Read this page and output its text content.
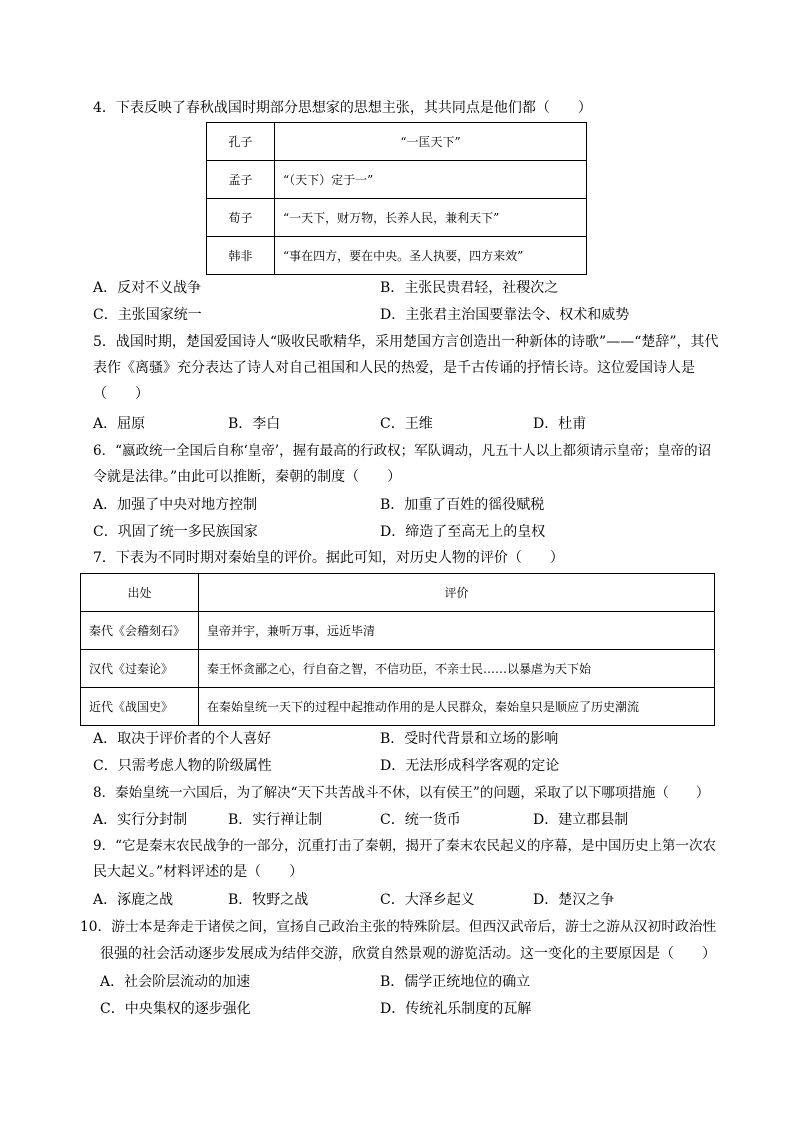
4．下表反映了春秋战国时期部分思想家的思想主张，其共同点是他们都（　　）
孔子	“一匡天下”
孟子	“（天下）定于一”
荀子	“一天下，财万物，长养人民，兼利天下”
韩非	“事在四方，要在中央。圣人执要，四方来效”
A．反对不义战争	B．主张民贵君轻，社稷次之
C．主张国家统一	D．主张君主治国要靠法令、权术和威势
5．战国时期，楚国爱国诗人“吸收民歌精华，采用楚国方言创造出一种新体的诗歌”——“楚辞”，其代
表作《离骚》充分表达了诗人对自己祖国和人民的热爱，是千古传诵的抒情长诗。这位爱国诗人是
（　　）
A．屈原	B．李白	C．王维	D．杜甫
6．“嬴政统一全国后自称‘皇帝’，握有最高的行政权；军队调动，凡五十人以上都须请示皇帝；皇帝的诏
令就是法律。”由此可以推断，秦朝的制度（　　）
A．加强了中央对地方控制	B．加重了百姓的徭役赋税
C．巩固了统一多民族国家	D．缔造了至高无上的皇权
7．下表为不同时期对秦始皇的评价。据此可知，对历史人物的评价（　　）
出处	评价
秦代《会稽刻石》	皇帝并宇，兼听万事，远近毕清
汉代《过秦论》	秦王怀贪鄙之心，行自奋之智，不信功臣，不亲士民……以暴虐为天下始
近代《战国史》	在秦始皇统一天下的过程中起推动作用的是人民群众，秦始皇只是顺应了历史潮流
A．取决于评价者的个人喜好	B．受时代背景和立场的影响
C．只需考虑人物的阶级属性	D．无法形成科学客观的定论
8．秦始皇统一六国后，为了解决“天下共苦战斗不休，以有侯王”的问题，采取了以下哪项措施（　　）
A．实行分封制	B．实行禅让制	C．统一货币	D．建立郡县制
9．“它是秦末农民战争的一部分，沉重打击了秦朝，揭开了秦末农民起义的序幕，是中国历史上第一次农
民大起义。”材料评述的是（　　）
A．涿鹿之战	B．牧野之战	C．大泽乡起义	D．楚汉之争
10．游士本是奔走于诸侯之间，宣扬自己政治主张的特殊阶层。但西汉武帝后，游士之游从汉初时政治性
很强的社会活动逐步发展成为结伴交游，欣赏自然景观的游览活动。这一变化的主要原因是（　　）
A．社会阶层流动的加速	B．儒学正统地位的确立
C．中央集权的逐步强化	D．传统礼乐制度的瓦解
